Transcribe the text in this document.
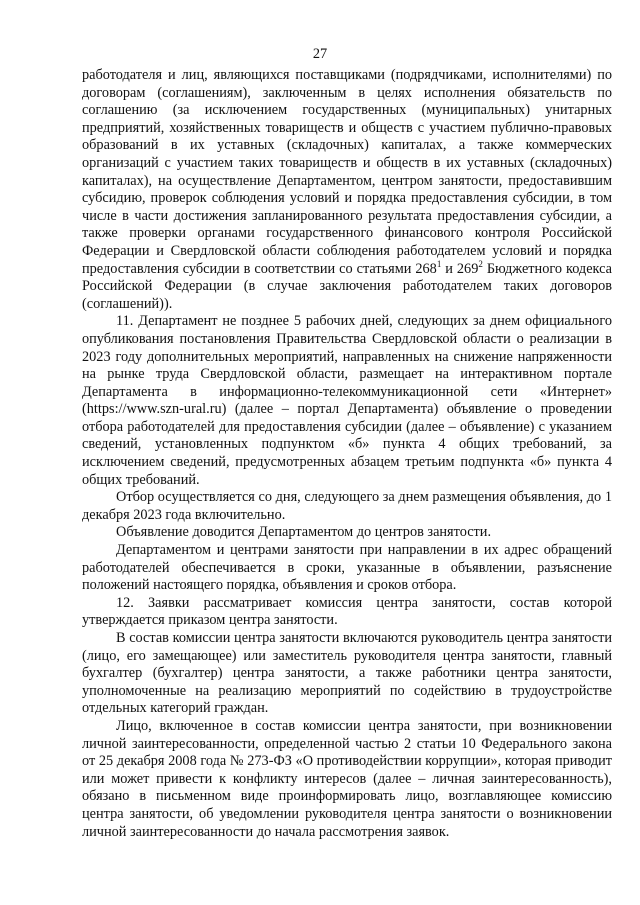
27

работодателя и лиц, являющихся поставщиками (подрядчиками, исполнителями) по договорам (соглашениям), заключенным в целях исполнения обязательств по соглашению (за исключением государственных (муниципальных) унитарных предприятий, хозяйственных товариществ и обществ с участием публично-правовых образований в их уставных (складочных) капиталах, а также коммерческих организаций с участием таких товариществ и обществ в их уставных (складочных) капиталах), на осуществление Департаментом, центром занятости, предоставившим субсидию, проверок соблюдения условий и порядка предоставления субсидии, в том числе в части достижения запланированного результата предоставления субсидии, а также проверки органами государственного финансового контроля Российской Федерации и Свердловской области соблюдения работодателем условий и порядка предоставления субсидии в соответствии со статьями $268^1$ и $269^2$ Бюджетного кодекса Российской Федерации (в случае заключения работодателем таких договоров (соглашений)).

11. Департамент не позднее 5 рабочих дней, следующих за днем официального опубликования постановления Правительства Свердловской области о реализации в 2023 году дополнительных мероприятий, направленных на снижение напряженности на рынке труда Свердловской области, размещает на интерактивном портале Департамента в информационно-телекоммуникационной сети «Интернет» (https://www.szn-ural.ru) (далее – портал Департамента) объявление о проведении отбора работодателей для предоставления субсидии (далее – объявление) с указанием сведений, установленных подпунктом «б» пункта 4 общих требований, за исключением сведений, предусмотренных абзацем третьим подпункта «б» пункта 4 общих требований.

Отбор осуществляется со дня, следующего за днем размещения объявления, до 1 декабря 2023 года включительно.

Объявление доводится Департаментом до центров занятости.

Департаментом и центрами занятости при направлении в их адрес обращений работодателей обеспечивается в сроки, указанные в объявлении, разъяснение положений настоящего порядка, объявления и сроков отбора.

12. Заявки рассматривает комиссия центра занятости, состав которой утверждается приказом центра занятости.

В состав комиссии центра занятости включаются руководитель центра занятости (лицо, его замещающее) или заместитель руководителя центра занятости, главный бухгалтер (бухгалтер) центра занятости, а также работники центра занятости, уполномоченные на реализацию мероприятий по содействию в трудоустройстве отдельных категорий граждан.

Лицо, включенное в состав комиссии центра занятости, при возникновении личной заинтересованности, определенной частью 2 статьи 10 Федерального закона от 25 декабря 2008 года № 273-ФЗ «О противодействии коррупции», которая приводит или может привести к конфликту интересов (далее – личная заинтересованность), обязано в письменном виде проинформировать лицо, возглавляющее комиссию центра занятости, об уведомлении руководителя центра занятости о возникновении личной заинтересованности до начала рассмотрения заявок.
